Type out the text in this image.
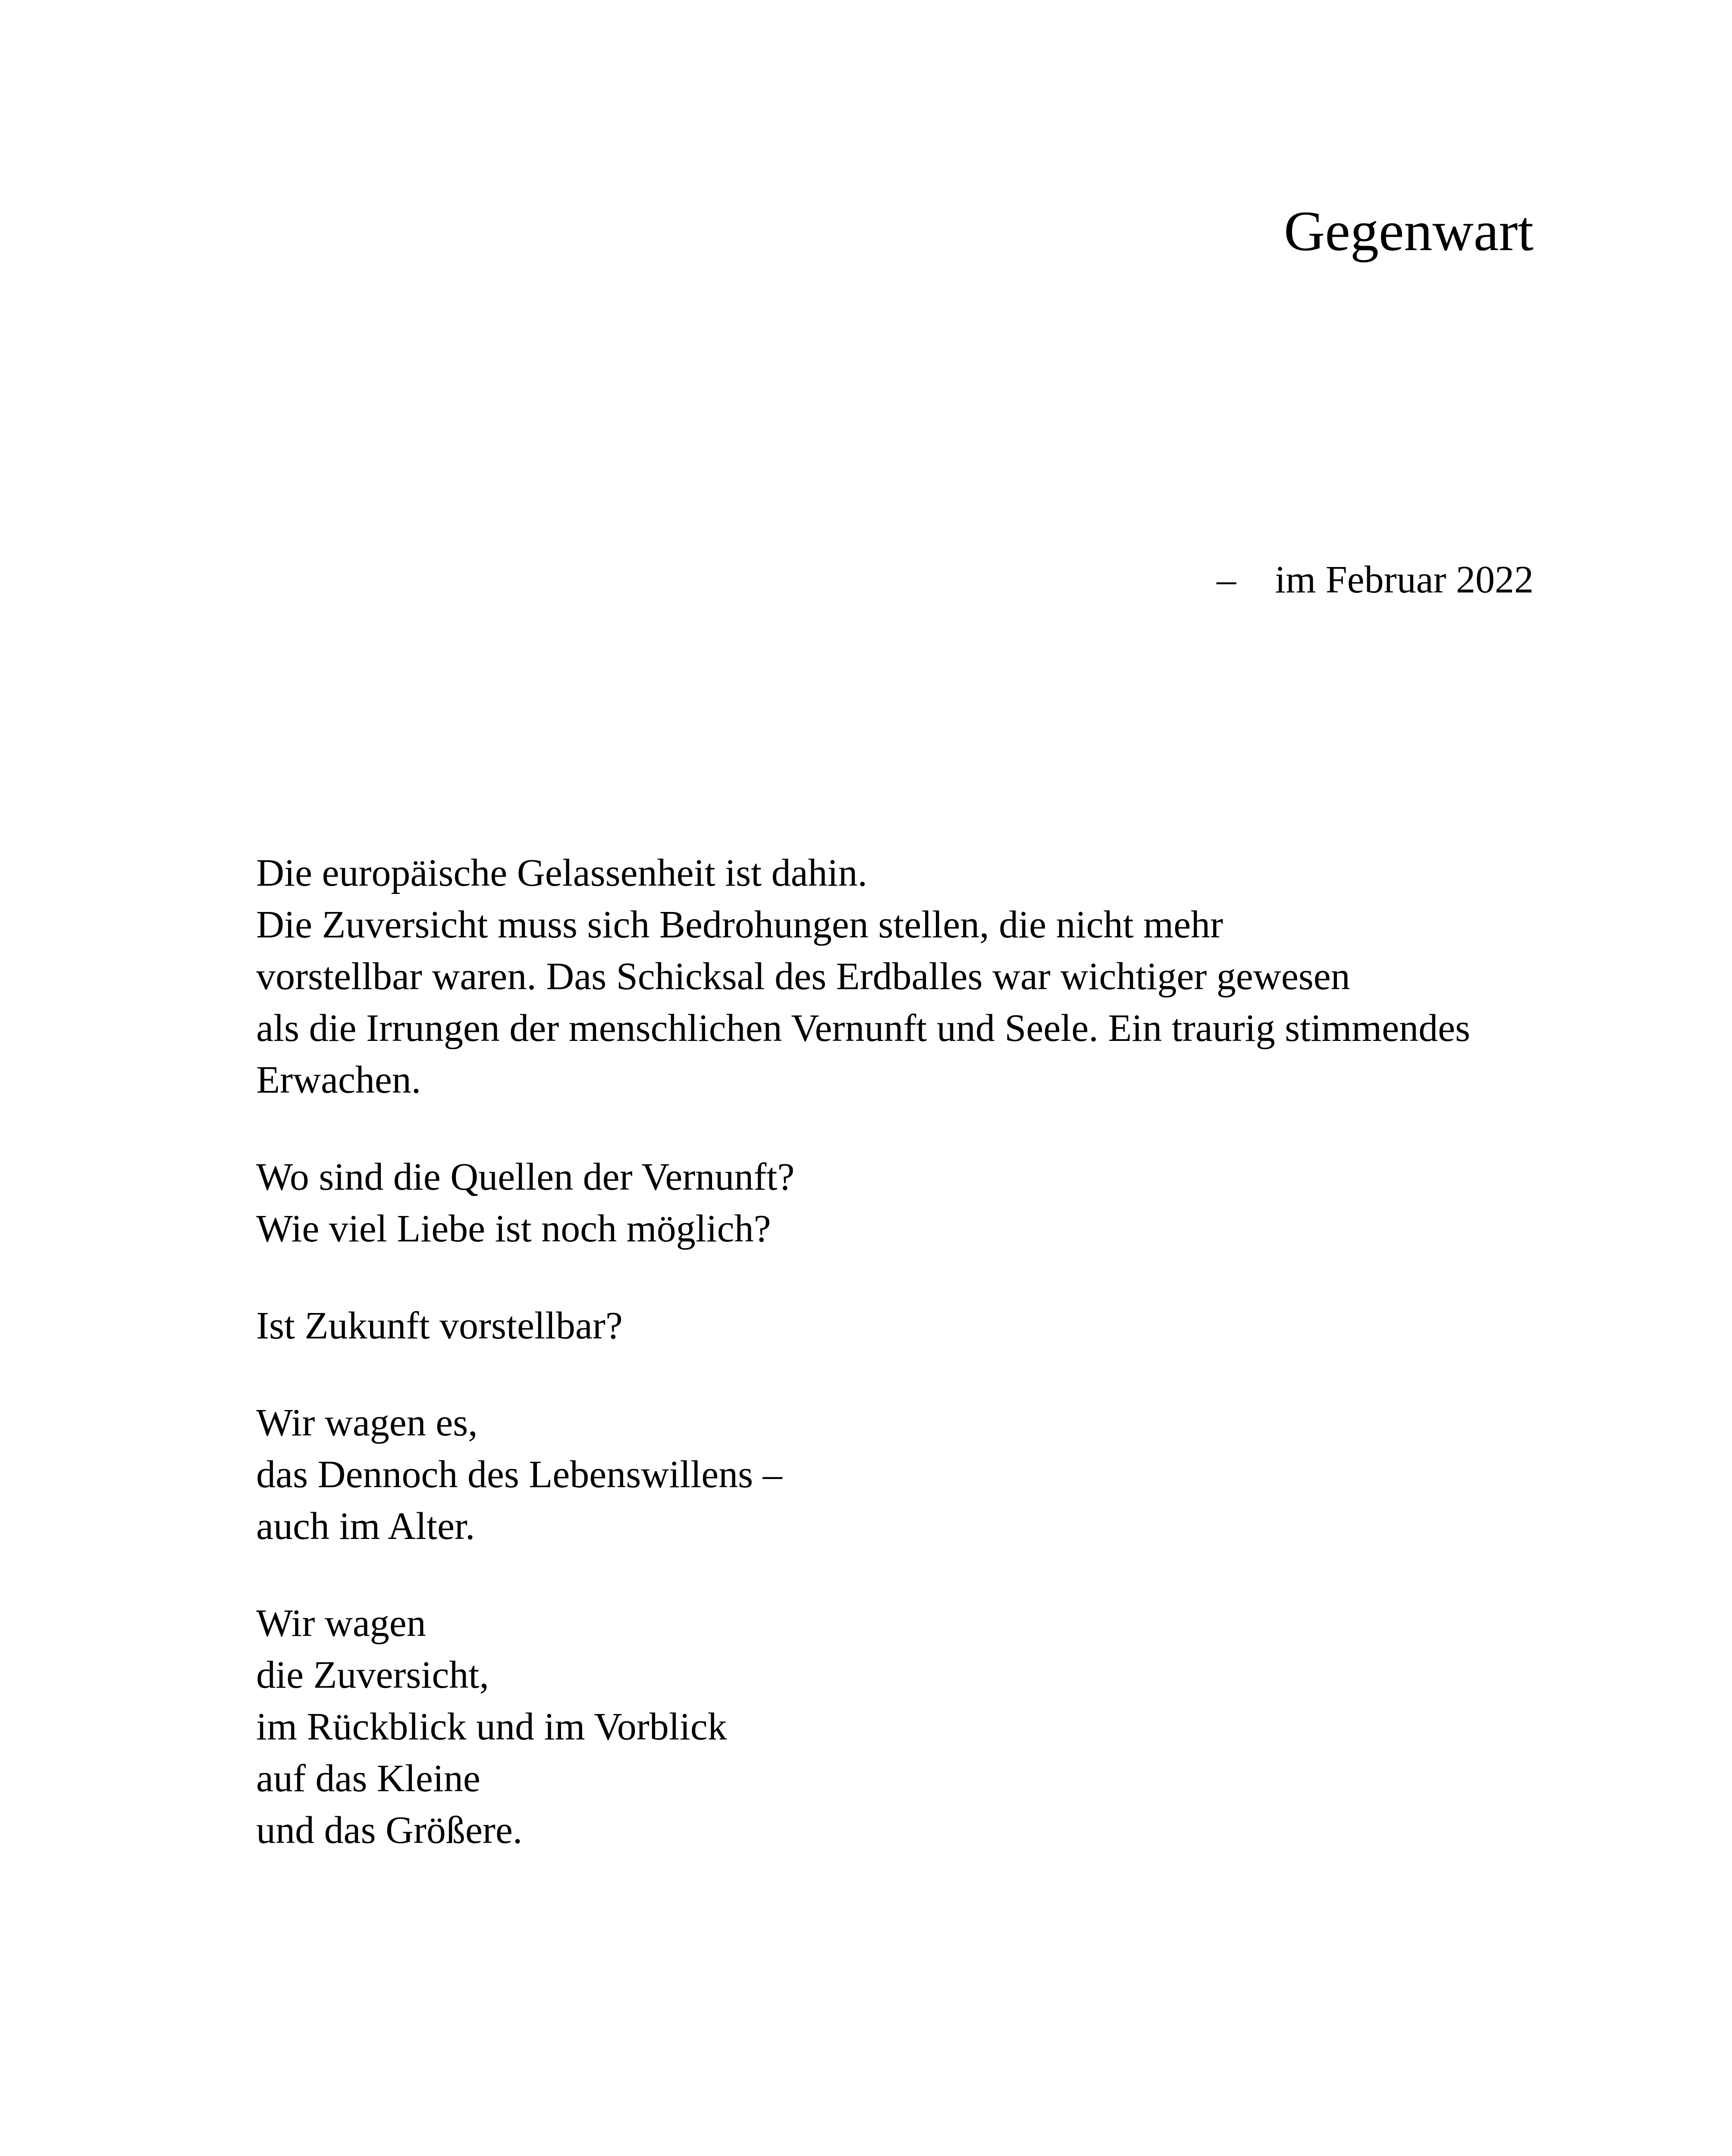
Gegenwart
– im Februar 2022
Die europäische Gelassenheit ist dahin.
Die Zuversicht muss sich Bedrohungen stellen, die nicht mehr
vorstellbar waren. Das Schicksal des Erdballes war wichtiger gewesen
als die Irrungen der menschlichen Vernunft und Seele. Ein traurig stimmendes
Erwachen.
Wo sind die Quellen der Vernunft?
Wie viel Liebe ist noch möglich?
Ist Zukunft vorstellbar?
Wir wagen es,
das Dennoch des Lebenswillens –
auch im Alter.
Wir wagen
die Zuversicht,
im Rückblick und im Vorblick
auf das Kleine
und das Größere.
